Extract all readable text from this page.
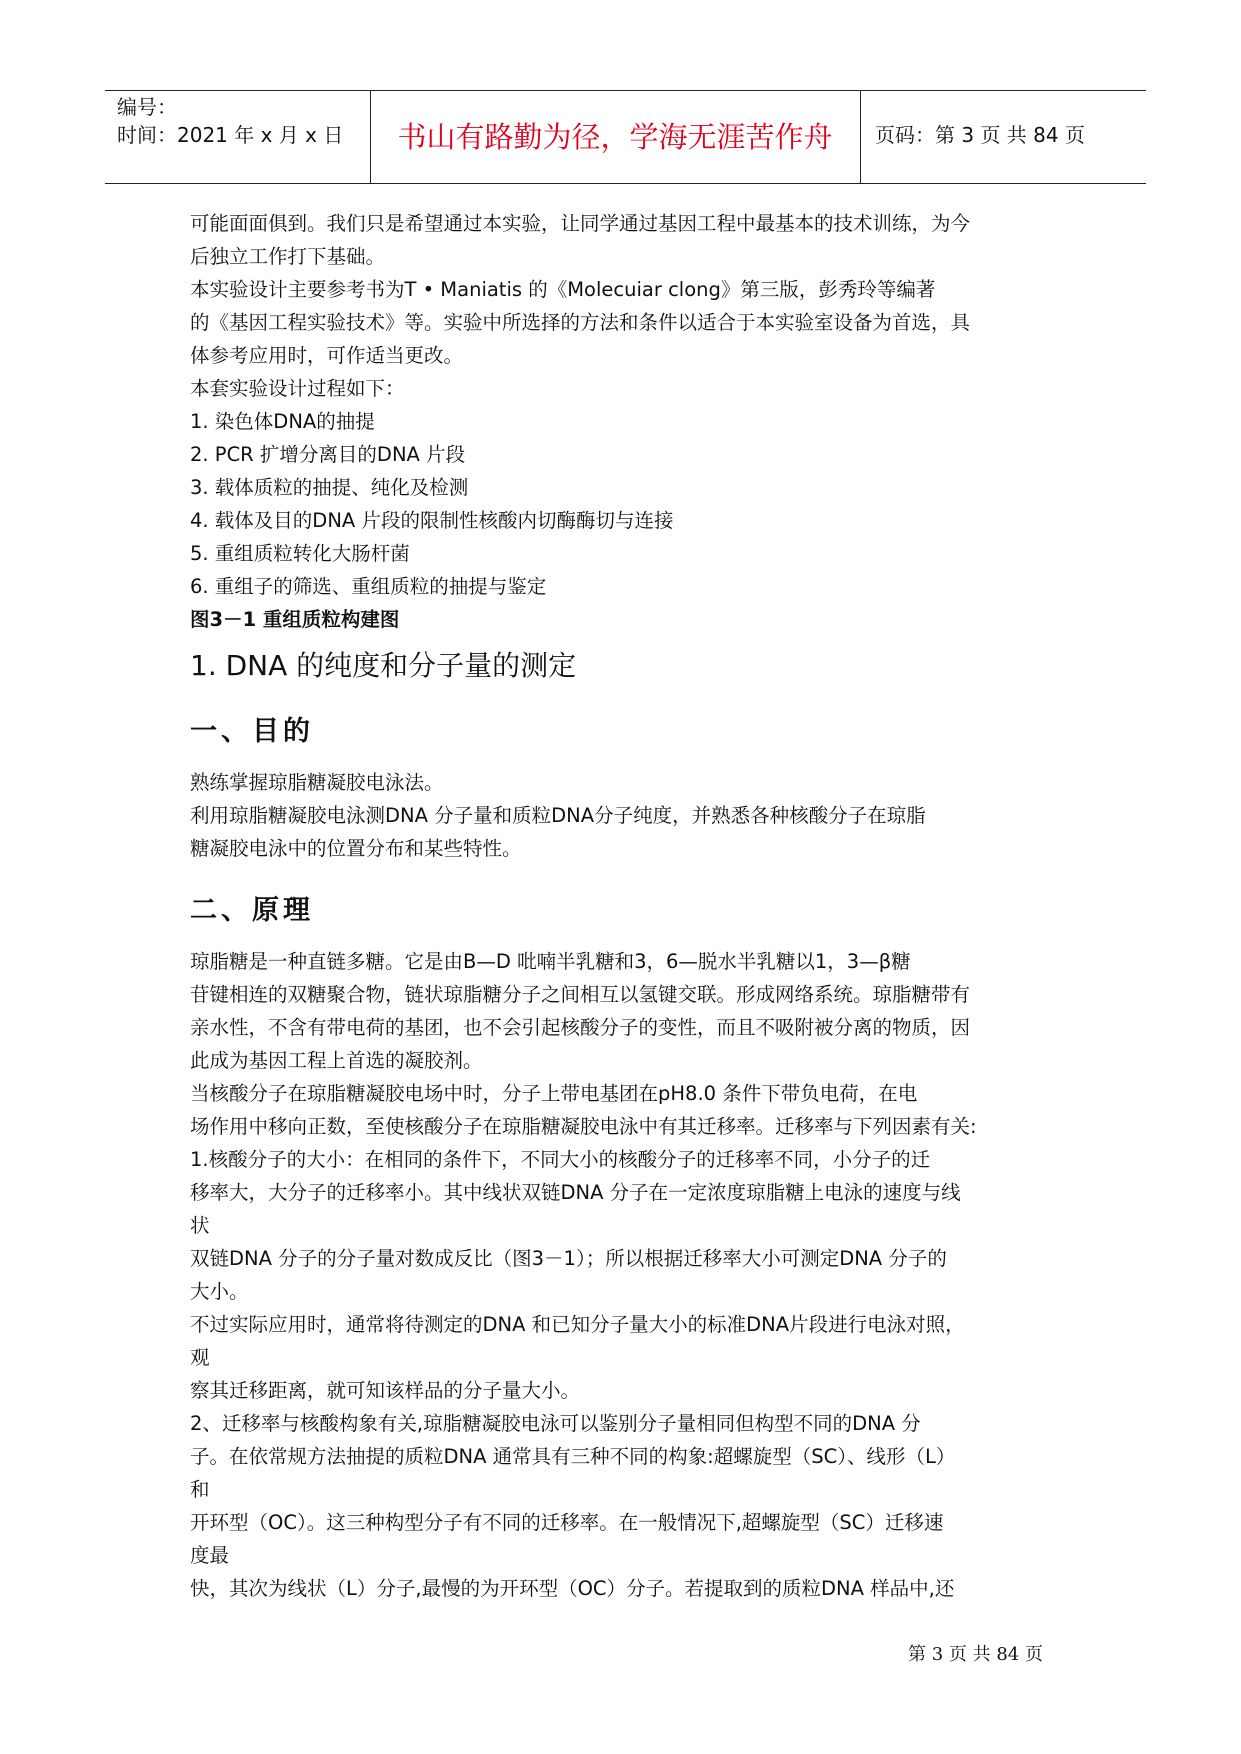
编号：
时间：2021 年 x 月 x 日	书山有路勤为径，学海无涯苦作舟	页码：第 3 页 共 84 页

可能面面俱到。我们只是希望通过本实验，让同学通过基因工程中最基本的技术训练，为今

后独立工作打下基础。

本实验设计主要参考书为T • Maniatis 的《Molecuiar clong》第三版，彭秀玲等编著

的《基因工程实验技术》等。实验中所选择的方法和条件以适合于本实验室设备为首选，具

体参考应用时，可作适当更改。

本套实验设计过程如下：

1. 染色体DNA的抽提

2. PCR 扩增分离目的DNA 片段

3. 载体质粒的抽提、纯化及检测

4. 载体及目的DNA 片段的限制性核酸内切酶酶切与连接

5. 重组质粒转化大肠杆菌

6. 重组子的筛选、重组质粒的抽提与鉴定

图3－1 重组质粒构建图

1. DNA 的纯度和分子量的测定
一、目的

熟练掌握琼脂糖凝胶电泳法。

利用琼脂糖凝胶电泳测DNA 分子量和质粒DNA分子纯度，并熟悉各种核酸分子在琼脂

糖凝胶电泳中的位置分布和某些特性。

二、原理

琼脂糖是一种直链多糖。它是由B—D 吡喃半乳糖和3，6—脱水半乳糖以1，3—β糖

苷键相连的双糖聚合物，链状琼脂糖分子之间相互以氢键交联。形成网络系统。琼脂糖带有

亲水性，不含有带电荷的基团，也不会引起核酸分子的变性，而且不吸附被分离的物质，因

此成为基因工程上首选的凝胶剂。

当核酸分子在琼脂糖凝胶电场中时，分子上带电基团在pH8.0 条件下带负电荷，在电

场作用中移向正数，至使核酸分子在琼脂糖凝胶电泳中有其迁移率。迁移率与下列因素有关:

1.核酸分子的大小：在相同的条件下，不同大小的核酸分子的迁移率不同，小分子的迁

移率大，大分子的迁移率小。其中线状双链DNA 分子在一定浓度琼脂糖上电泳的速度与线

状

双链DNA 分子的分子量对数成反比（图3－1）；所以根据迁移率大小可测定DNA 分子的

大小。

不过实际应用时，通常将待测定的DNA 和已知分子量大小的标准DNA片段进行电泳对照，

观

察其迁移距离，就可知该样品的分子量大小。

2、迁移率与核酸构象有关,琼脂糖凝胶电泳可以鉴别分子量相同但构型不同的DNA 分

子。在依常规方法抽提的质粒DNA 通常具有三种不同的构象:超螺旋型（SC）、线形（L）

和

开环型（OC）。这三种构型分子有不同的迁移率。在一般情况下,超螺旋型（SC）迁移速

度最

快，其次为线状（L）分子,最慢的为开环型（OC）分子。若提取到的质粒DNA 样品中,还

第 3 页 共 84 页
